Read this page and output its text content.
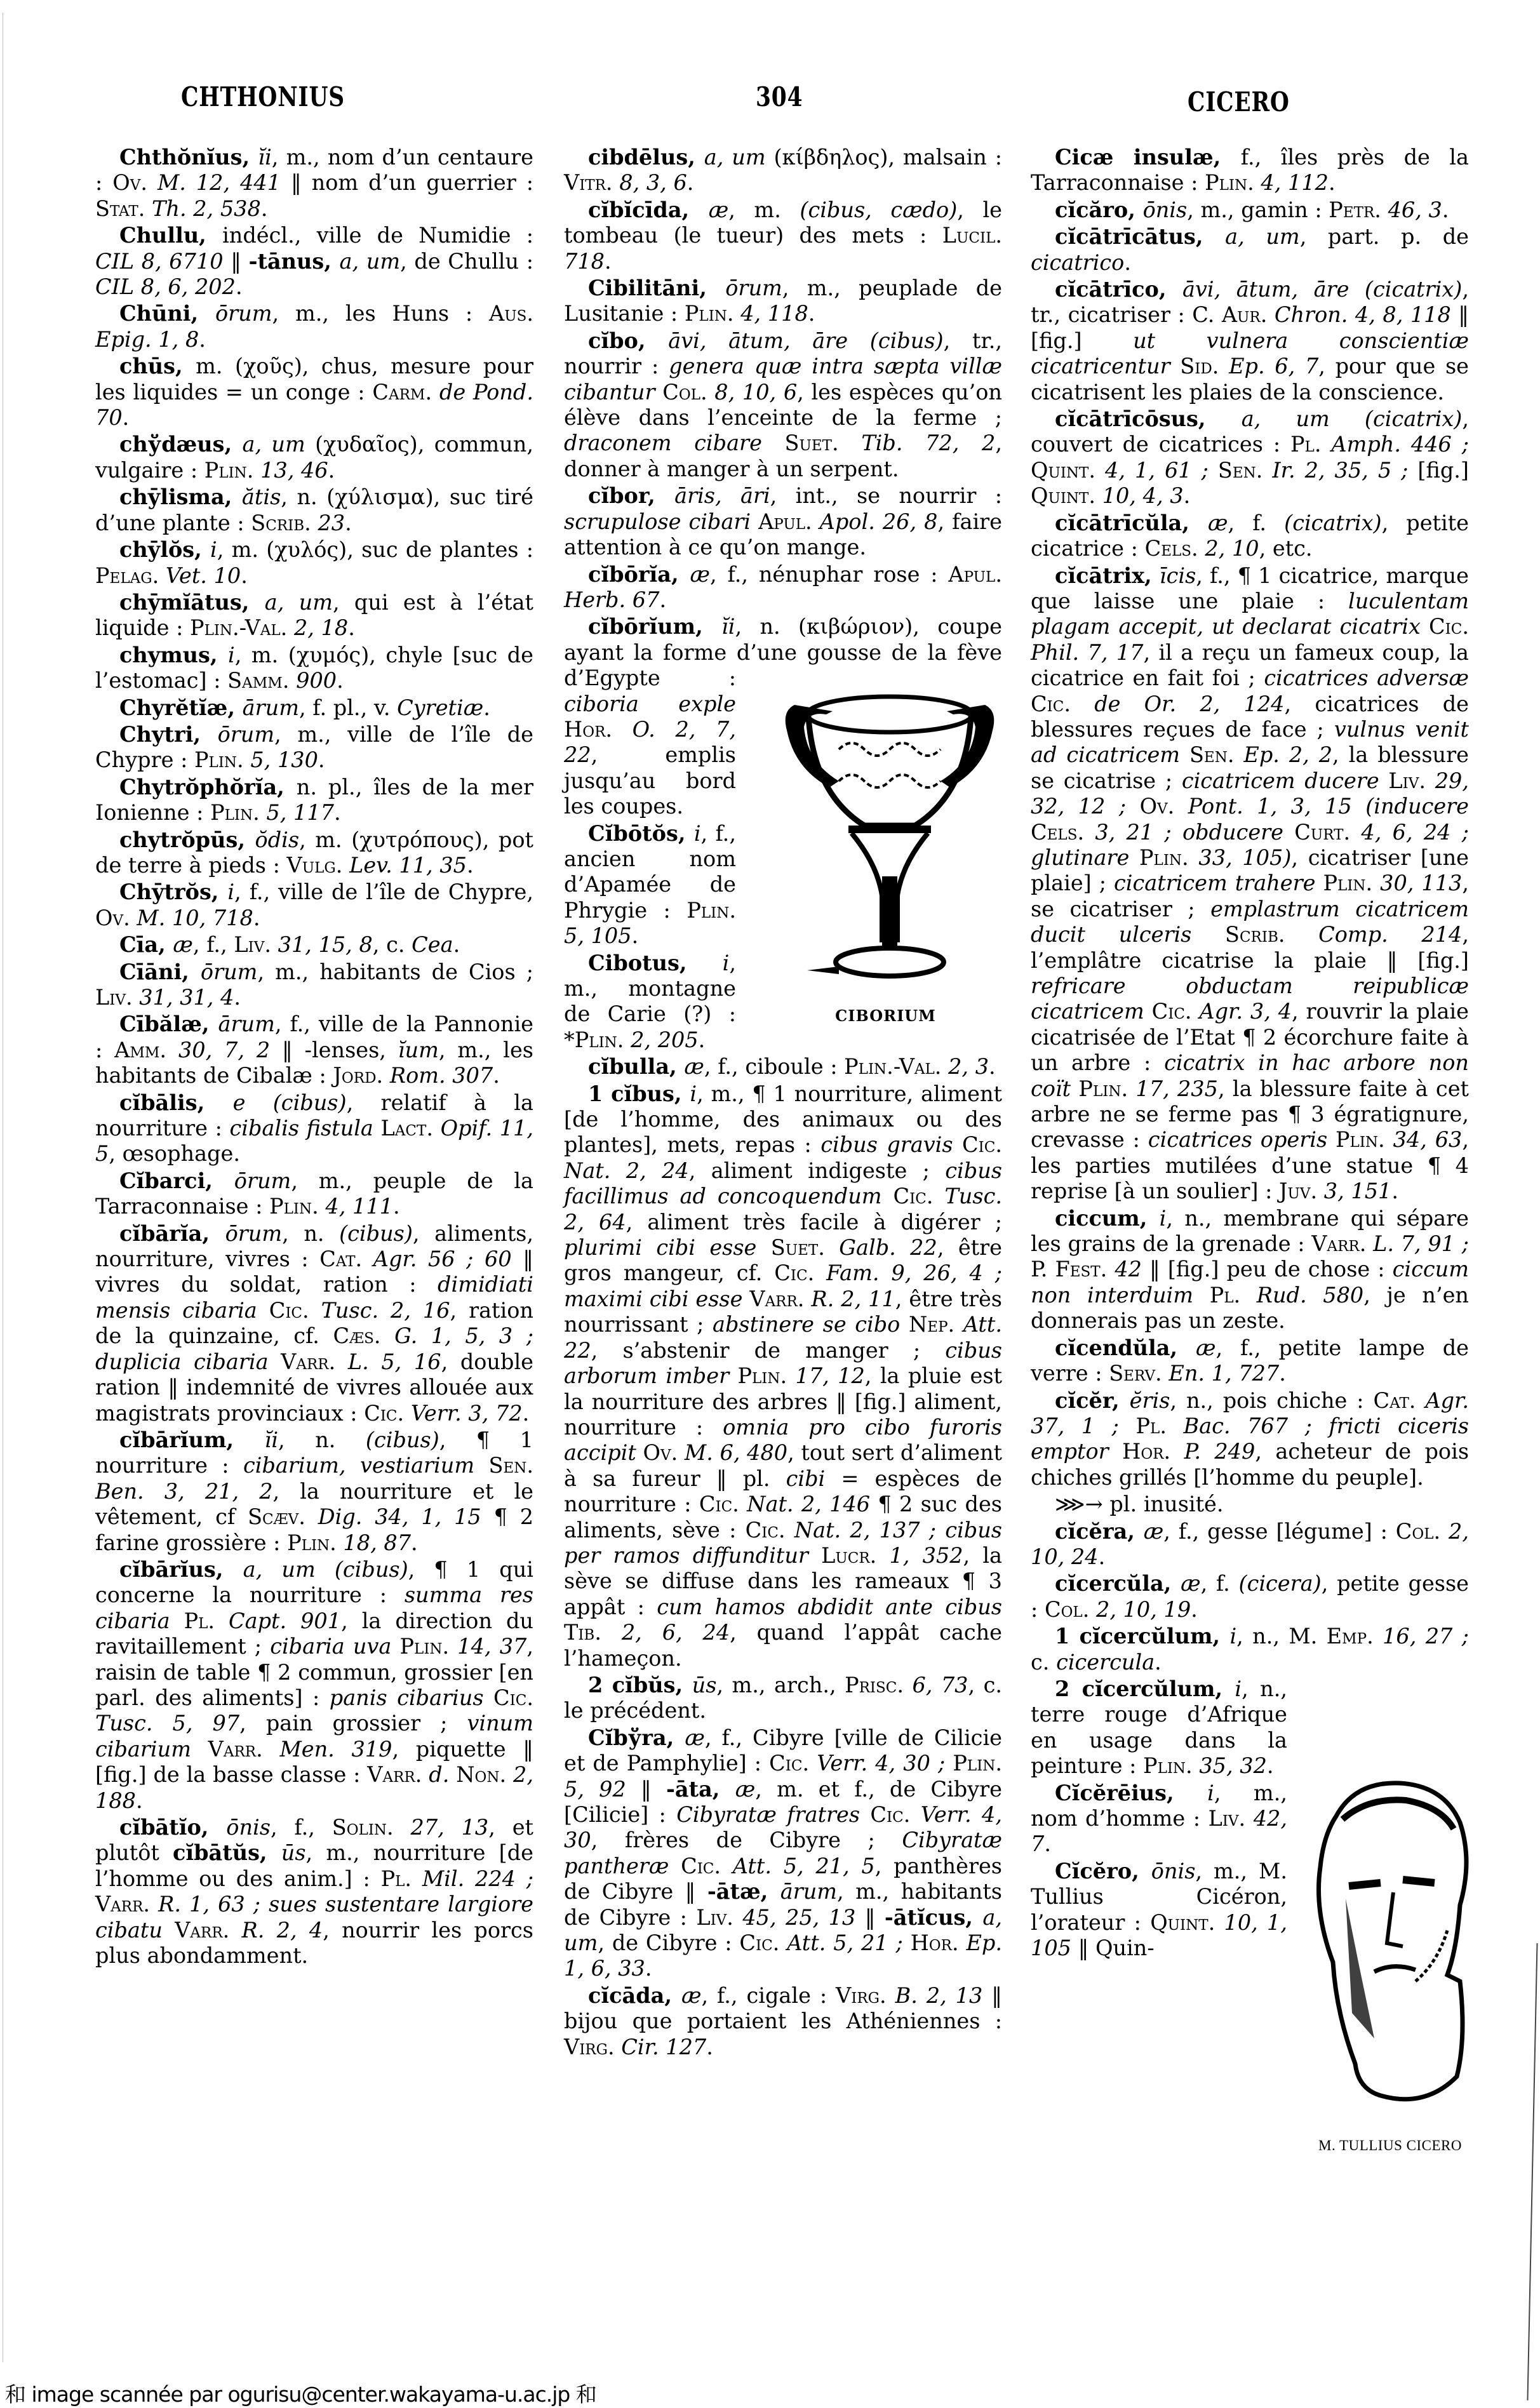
CHTHONIUS	304	CICERO

Chthŏnĭus, ĭi, m., nom d’un centaure : Ov. M. 12, 441 ‖ nom d’un guerrier : Stat. Th. 2, 538.

Chullu, indécl., ville de Numidie : CIL 8, 6710 ‖ -tānus, a, um, de Chullu : CIL 8, 6, 202.

Chūni, ōrum, m., les Huns : Aus. Epig. 1, 8.

chūs, m. (χοῦς), chus, mesure pour les liquides = un conge : Carm. de Pond. 70.

chўdæus, a, um (χυδαῖος), commun, vulgaire : Plin. 13, 46.

chȳlisma, ătis, n. (χύλισμα), suc tiré d’une plante : Scrib. 23.

chȳlŏs, i, m. (χυλός), suc de plantes : Pelag. Vet. 10.

chȳmĭātus, a, um, qui est à l’état liquide : Plin.-Val. 2, 18.

chymus, i, m. (χυμός), chyle [suc de l’estomac] : Samm. 900.

Chyrĕtĭæ, ārum, f. pl., v. Cyretiæ.

Chytri, ōrum, m., ville de l’île de Chypre : Plin. 5, 130.

Chytrŏphŏrĭa, n. pl., îles de la mer Ionienne : Plin. 5, 117.

chytrŏpūs, ŏdis, m. (χυτρόπους), pot de terre à pieds : Vulg. Lev. 11, 35.

Chȳtrŏs, i, f., ville de l’île de Chypre, Ov. M. 10, 718.

Cīa, æ, f., Liv. 31, 15, 8, c. Cea.

Cīāni, ōrum, m., habitants de Cios ; Liv. 31, 31, 4.

Cībălæ, ārum, f., ville de la Pannonie : Amm. 30, 7, 2 ‖ -lenses, ĭum, m., les habitants de Cibalæ : Jord. Rom. 307.

cĭbālis, e (cibus), relatif à la nourriture : cibalis fistula Lact. Opif. 11, 5, œsophage.

Cĭbarci, ōrum, m., peuple de la Tarraconnaise : Plin. 4, 111.

cĭbārĭa, ōrum, n. (cibus), aliments, nourriture, vivres : Cat. Agr. 56 ; 60 ‖ vivres du soldat, ration : dimidiati mensis cibaria Cic. Tusc. 2, 16, ration de la quinzaine, cf. Cæs. G. 1, 5, 3 ; duplicia cibaria Varr. L. 5, 16, double ration ‖ indemnité de vivres allouée aux magistrats provinciaux : Cic. Verr. 3, 72.

cĭbārĭum, ĭi, n. (cibus), ¶ 1 nourriture : cibarium, vestiarium Sen. Ben. 3, 21, 2, la nourriture et le vêtement, cf Scæv. Dig. 34, 1, 15 ¶ 2 farine grossière : Plin. 18, 87.

cĭbārĭus, a, um (cibus), ¶ 1 qui concerne la nourriture : summa res cibaria Pl. Capt. 901, la direction du ravitaillement ; cibaria uva Plin. 14, 37, raisin de table ¶ 2 commun, grossier [en parl. des aliments] : panis cibarius Cic. Tusc. 5, 97, pain grossier ; vinum cibarium Varr. Men. 319, piquette ‖ [fig.] de la basse classe : Varr. d. Non. 2, 188.

cĭbātĭo, ōnis, f., Solin. 27, 13, et plutôt cĭbātŭs, ūs, m., nourriture [de l’homme ou des anim.] : Pl. Mil. 224 ; Varr. R. 1, 63 ; sues sustentare largiore cibatu Varr. R. 2, 4, nourrir les porcs plus abondamment.

cibdēlus, a, um (κίβδηλος), malsain : Vitr. 8, 3, 6.

cĭbĭcīda, æ, m. (cibus, cædo), le tombeau (le tueur) des mets : Lucil. 718.

Cibilitāni, ōrum, m., peuplade de Lusitanie : Plin. 4, 118.

cĭbo, āvi, ātum, āre (cibus), tr., nourrir : genera quæ intra sæpta villæ cibantur Col. 8, 10, 6, les espèces qu’on élève dans l’enceinte de la ferme ; draconem cibare Suet. Tib. 72, 2, donner à manger à un serpent.

cĭbor, āris, āri, int., se nourrir : scrupulose cibari Apul. Apol. 26, 8, faire attention à ce qu’on mange.

cĭbōrĭa, æ, f., nénuphar rose : Apul. Herb. 67.

cĭbōrĭum, ĭi, n. (κιβώριον), coupe ayant la forme d’une gousse de la fève d’Egypte :
CIBORIUM
ciboria exple Hor. O. 2, 7, 22, emplis jusqu’au bord les coupes.

Cĭbōtŏs, i, f., ancien nom d’Apamée de Phrygie : Plin. 5, 105.

Cibotus, i, m., montagne de Carie (?) : *Plin. 2, 205.

cĭbulla, æ, f., ciboule : Plin.-Val. 2, 3.

1 cĭbus, i, m., ¶ 1 nourriture, aliment [de l’homme, des animaux ou des plantes], mets, repas : cibus gravis Cic. Nat. 2, 24, aliment indigeste ; cibus facillimus ad concoquendum Cic. Tusc. 2, 64, aliment très facile à digérer ; plurimi cibi esse Suet. Galb. 22, être gros mangeur, cf. Cic. Fam. 9, 26, 4 ; maximi cibi esse Varr. R. 2, 11, être très nourrissant ; abstinere se cibo Nep. Att. 22, s’abstenir de manger ; cibus arborum imber Plin. 17, 12, la pluie est la nourriture des arbres ‖ [fig.] aliment, nourriture : omnia pro cibo furoris accipit Ov. M. 6, 480, tout sert d’aliment à sa fureur ‖ pl. cibi = espèces de nourriture : Cic. Nat. 2, 146 ¶ 2 suc des aliments, sève : Cic. Nat. 2, 137 ; cibus per ramos diffunditur Lucr. 1, 352, la sève se diffuse dans les rameaux ¶ 3 appât : cum hamos abdidit ante cibus Tib. 2, 6, 24, quand l’appât cache l’hameçon.

2 cĭbŭs, ūs, m., arch., Prisc. 6, 73, c. le précédent.

Cĭbўra, æ, f., Cibyre [ville de Cilicie et de Pamphylie] : Cic. Verr. 4, 30 ; Plin. 5, 92 ‖ -āta, æ, m. et f., de Cibyre [Cilicie] : Cibyratæ fratres Cic. Verr. 4, 30, frères de Cibyre ; Cibyratæ pantheræ Cic. Att. 5, 21, 5, panthères de Cibyre ‖ -ātæ, ārum, m., habitants de Cibyre : Liv. 45, 25, 13 ‖ -ātĭcus, a, um, de Cibyre : Cic. Att. 5, 21 ; Hor. Ep. 1, 6, 33.

cĭcāda, æ, f., cigale : Virg. B. 2, 13 ‖ bijou que portaient les Athéniennes : Virg. Cir. 127.

Cicæ insulæ, f., îles près de la Tarraconnaise : Plin. 4, 112.

cĭcăro, ōnis, m., gamin : Petr. 46, 3.

cĭcātrīcātus, a, um, part. p. de cicatrico.

cĭcātrīco, āvi, ātum, āre (cicatrix), tr., cicatriser : C. Aur. Chron. 4, 8, 118 ‖ [fig.] ut vulnera conscientiæ cicatricentur Sid. Ep. 6, 7, pour que se cicatrisent les plaies de la conscience.

cĭcātrīcōsus, a, um (cicatrix), couvert de cicatrices : Pl. Amph. 446 ; Quint. 4, 1, 61 ; Sen. Ir. 2, 35, 5 ; [fig.] Quint. 10, 4, 3.

cĭcātrīcŭla, æ, f. (cicatrix), petite cicatrice : Cels. 2, 10, etc.

cĭcātrix, īcis, f., ¶ 1 cicatrice, marque que laisse une plaie : luculentam plagam accepit, ut declarat cicatrix Cic. Phil. 7, 17, il a reçu un fameux coup, la cicatrice en fait foi ; cicatrices adversæ Cic. de Or. 2, 124, cicatrices de blessures reçues de face ; vulnus venit ad cicatricem Sen. Ep. 2, 2, la blessure se cicatrise ; cicatricem ducere Liv. 29, 32, 12 ; Ov. Pont. 1, 3, 15 (inducere Cels. 3, 21 ; obducere Curt. 4, 6, 24 ; glutinare Plin. 33, 105), cicatriser [une plaie] ; cicatricem trahere Plin. 30, 113, se cicatriser ; emplastrum cicatricem ducit ulceris Scrib. Comp. 214, l’emplâtre cicatrise la plaie ‖ [fig.] refricare obductam reipublicæ cicatricem Cic. Agr. 3, 4, rouvrir la plaie cicatrisée de l’Etat ¶ 2 écorchure faite à un arbre : cicatrix in hac arbore non coït Plin. 17, 235, la blessure faite à cet arbre ne se ferme pas ¶ 3 égratignure, crevasse : cicatrices operis Plin. 34, 63, les parties mutilées d’une statue ¶ 4 reprise [à un soulier] : Juv. 3, 151.

ciccum, i, n., membrane qui sépare les grains de la grenade : Varr. L. 7, 91 ; P. Fest. 42 ‖ [fig.] peu de chose : ciccum non interduim Pl. Rud. 580, je n’en donnerais pas un zeste.

cĭcendŭla, æ, f., petite lampe de verre : Serv. En. 1, 727.

cĭcĕr, ĕris, n., pois chiche : Cat. Agr. 37, 1 ; Pl. Bac. 767 ; fricti ciceris emptor Hor. P. 249, acheteur de pois chiches grillés [l’homme du peuple].

⋙→ pl. inusité.

cĭcĕra, æ, f., gesse [légume] : Col. 2, 10, 24.

cĭcercŭla, æ, f. (cicera), petite gesse : Col. 2, 10, 19.

1 cĭcercŭlum, i, n., M. Emp. 16, 27 ; c. cicercula.

M. TULLIUS CICERO

2 cĭcercŭlum, i, n., terre rouge d’Afrique en usage dans la peinture : Plin. 35, 32.

Cĭcĕrēius, i, m., nom d’homme : Liv. 42, 7.

Cĭcĕro, ōnis, m., M. Tullius Cicéron, l’orateur : Quint. 10, 1, 105 ‖ Quin-

和 image scannée par ogurisu@center.wakayama-u.ac.jp 和
